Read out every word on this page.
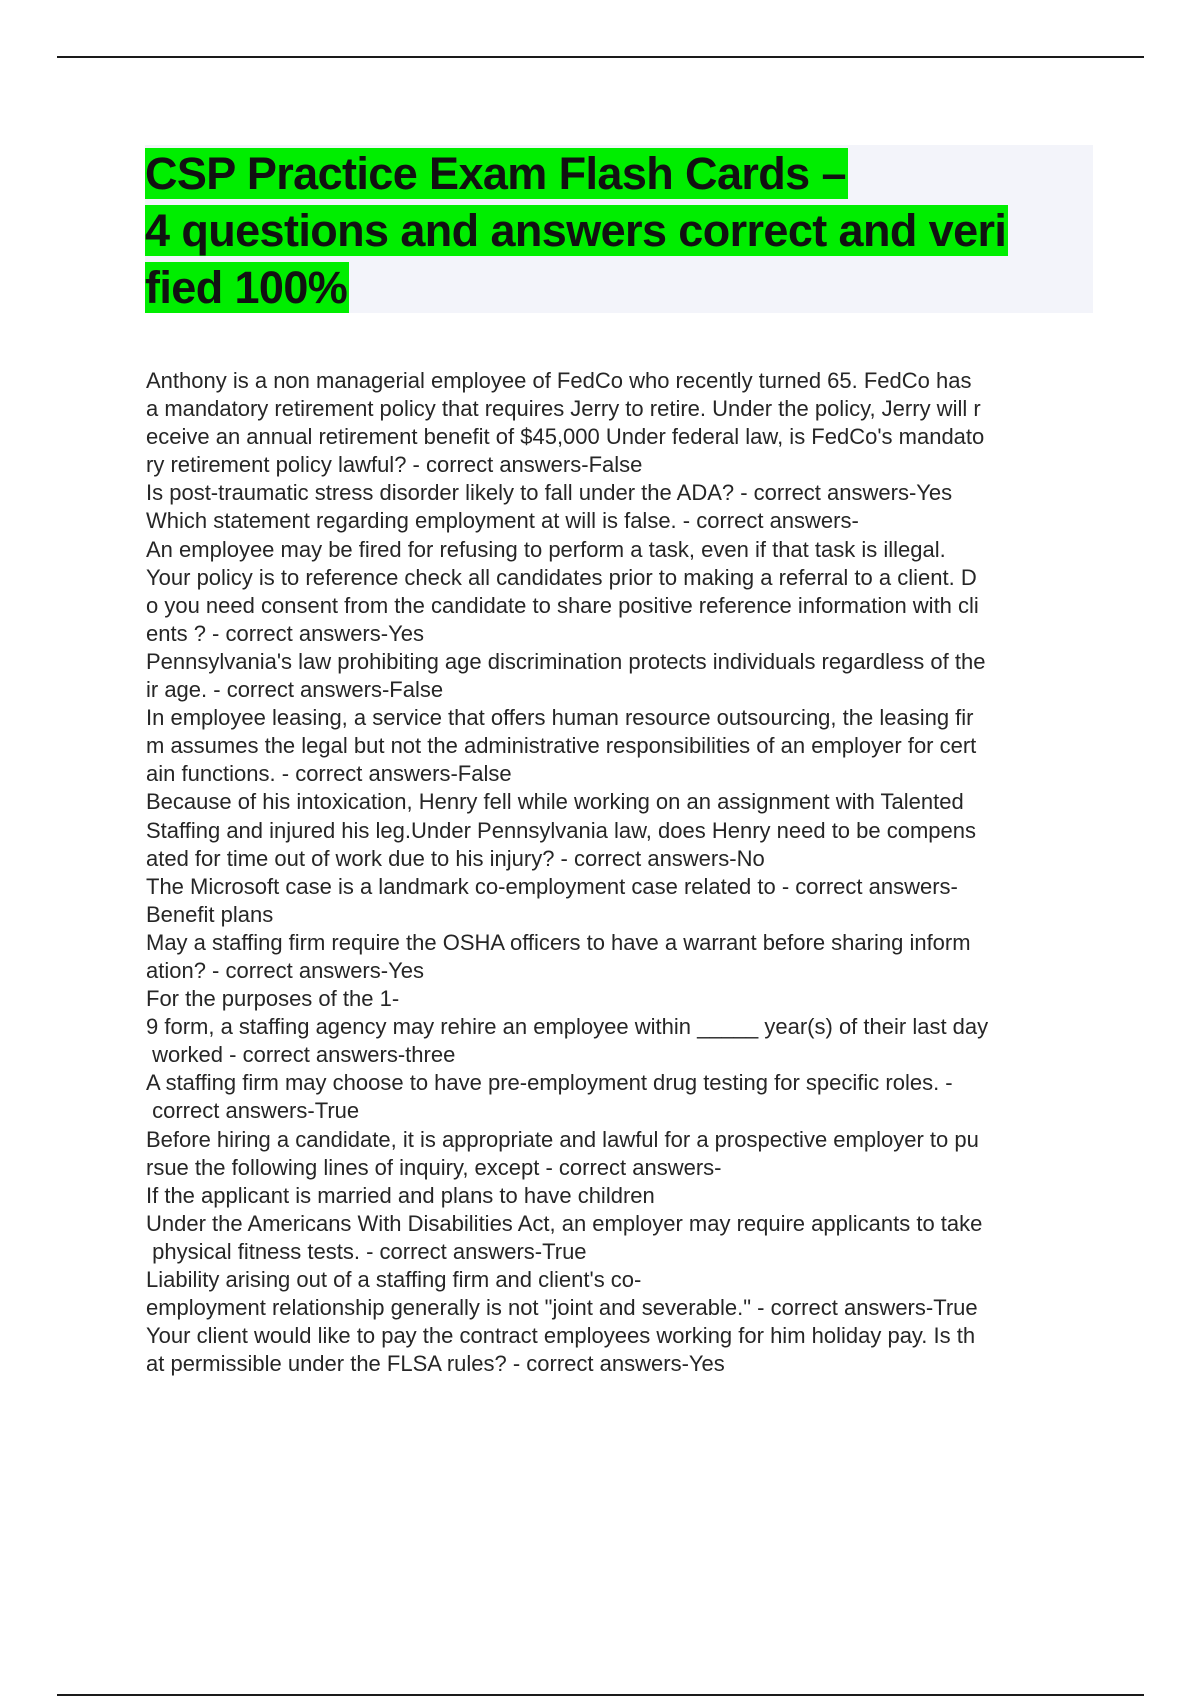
CSP Practice Exam Flash Cards –
4 questions and answers correct and veri
fied 100%
Anthony is a non managerial employee of FedCo who recently turned 65. FedCo has
a mandatory retirement policy that requires Jerry to retire. Under the policy, Jerry will r
eceive an annual retirement benefit of $45,000 Under federal law, is FedCo's mandato
ry retirement policy lawful? - correct answers-False
Is post-traumatic stress disorder likely to fall under the ADA? - correct answers-Yes
Which statement regarding employment at will is false. - correct answers-
An employee may be fired for refusing to perform a task, even if that task is illegal.
Your policy is to reference check all candidates prior to making a referral to a client. D
o you need consent from the candidate to share positive reference information with cli
ents ? - correct answers-Yes
Pennsylvania's law prohibiting age discrimination protects individuals regardless of the
ir age. - correct answers-False
In employee leasing, a service that offers human resource outsourcing, the leasing fir
m assumes the legal but not the administrative responsibilities of an employer for cert
ain functions. - correct answers-False
Because of his intoxication, Henry fell while working on an assignment with Talented
Staffing and injured his leg.Under Pennsylvania law, does Henry need to be compens
ated for time out of work due to his injury? - correct answers-No
The Microsoft case is a landmark co-employment case related to - correct answers-
Benefit plans
May a staffing firm require the OSHA officers to have a warrant before sharing inform
ation? - correct answers-Yes
For the purposes of the 1-
9 form, a staffing agency may rehire an employee within _____ year(s) of their last day
worked - correct answers-three
A staffing firm may choose to have pre-employment drug testing for specific roles. -
correct answers-True
Before hiring a candidate, it is appropriate and lawful for a prospective employer to pu
rsue the following lines of inquiry, except - correct answers-
If the applicant is married and plans to have children
Under the Americans With Disabilities Act, an employer may require applicants to take
physical fitness tests. - correct answers-True
Liability arising out of a staffing firm and client's co-
employment relationship generally is not "joint and severable." - correct answers-True
Your client would like to pay the contract employees working for him holiday pay. Is th
at permissible under the FLSA rules? - correct answers-Yes
